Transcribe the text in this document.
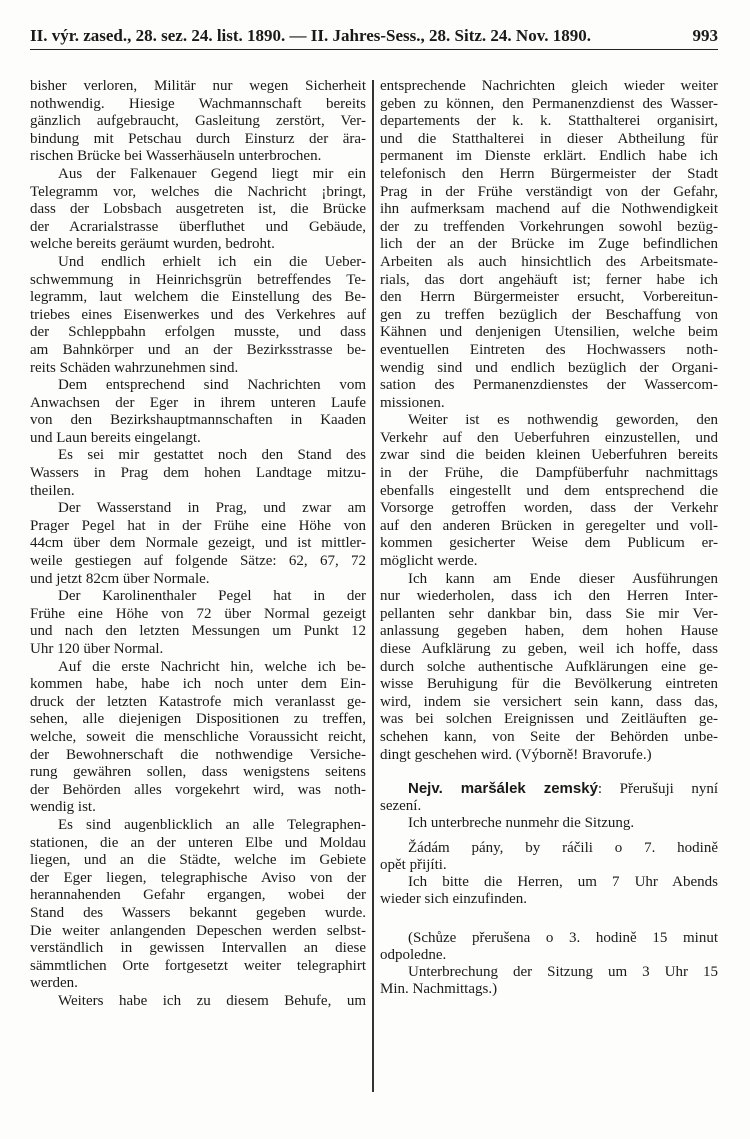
II. výr. zased., 28. sez. 24. list. 1890. — II. Jahres-Sess., 28. Sitz. 24. Nov. 1890.	993
bisher verloren, Militär nur wegen Sicherheit
nothwendig. Hiesige Wachmannschaft bereits
gänzlich aufgebraucht, Gasleitung zerstört, Ver-
bindung mit Petschau durch Einsturz der ära-
rischen Brücke bei Wasserhäuseln unterbrochen.
Aus der Falkenauer Gegend liegt mir ein
Telegramm vor, welches die Nachricht ¡bringt,
dass der Lobsbach ausgetreten ist, die Brücke
der Acrarialstrasse überfluthet und Gebäude,
welche bereits geräumt wurden, bedroht.
Und endlich erhielt ich ein die Ueber-
schwemmung in Heinrichsgrün betreffendes Te-
legramm, laut welchem die Einstellung des Be-
triebes eines Eisenwerkes und des Verkehres auf
der Schleppbahn erfolgen musste, und dass
am Bahnkörper und an der Bezirksstrasse be-
reits Schäden wahrzunehmen sind.
Dem entsprechend sind Nachrichten vom
Anwachsen der Eger in ihrem unteren Laufe
von den Bezirkshauptmannschaften in Kaaden
und Laun bereits eingelangt.
Es sei mir gestattet noch den Stand des
Wassers in Prag dem hohen Landtage mitzu-
theilen.
Der Wasserstand in Prag, und zwar am
Prager Pegel hat in der Frühe eine Höhe von
44cm über dem Normale gezeigt, und ist mittler-
weile gestiegen auf folgende Sätze: 62, 67, 72
und jetzt 82cm über Normale.
Der Karolinenthaler Pegel hat in der
Frühe eine Höhe von 72 über Normal gezeigt
und nach den letzten Messungen um Punkt 12
Uhr 120 über Normal.
Auf die erste Nachricht hin, welche ich be-
kommen habe, habe ich noch unter dem Ein-
druck der letzten Katastrofe mich veranlasst ge-
sehen, alle diejenigen Dispositionen zu treffen,
welche, soweit die menschliche Voraussicht reicht,
der Bewohnerschaft die nothwendige Versiche-
rung gewähren sollen, dass wenigstens seitens
der Behörden alles vorgekehrt wird, was noth-
wendig ist.
Es sind augenblicklich an alle Telegraphen-
stationen, die an der unteren Elbe und Moldau
liegen, und an die Städte, welche im Gebiete
der Eger liegen, telegraphische Aviso von der
herannahenden Gefahr ergangen, wobei der
Stand des Wassers bekannt gegeben wurde.
Die weiter anlangenden Depeschen werden selbst-
verständlich in gewissen Intervallen an diese
sämmtlichen Orte fortgesetzt weiter telegraphirt
werden.
Weiters habe ich zu diesem Behufe, um
entsprechende Nachrichten gleich wieder weiter
geben zu können, den Permanenzdienst des Wasser-
departements der k. k. Statthalterei organisirt,
und die Statthalterei in dieser Abtheilung für
permanent im Dienste erklärt. Endlich habe ich
telefonisch den Herrn Bürgermeister der Stadt
Prag in der Frühe verständigt von der Gefahr,
ihn aufmerksam machend auf die Nothwendigkeit
der zu treffenden Vorkehrungen sowohl bezüg-
lich der an der Brücke im Zuge befindlichen
Arbeiten als auch hinsichtlich des Arbeitsmate-
rials, das dort angehäuft ist; ferner habe ich
den Herrn Bürgermeister ersucht, Vorbereitun-
gen zu treffen bezüglich der Beschaffung von
Kähnen und denjenigen Utensilien, welche beim
eventuellen Eintreten des Hochwassers noth-
wendig sind und endlich bezüglich der Organi-
sation des Permanenzdienstes der Wassercom-
missionen.
Weiter ist es nothwendig geworden, den
Verkehr auf den Ueberfuhren einzustellen, und
zwar sind die beiden kleinen Ueberfuhren bereits
in der Frühe, die Dampfüberfuhr nachmittags
ebenfalls eingestellt und dem entsprechend die
Vorsorge getroffen worden, dass der Verkehr
auf den anderen Brücken in geregelter und voll-
kommen gesicherter Weise dem Publicum er-
möglicht werde.
Ich kann am Ende dieser Ausführungen
nur wiederholen, dass ich den Herren Inter-
pellanten sehr dankbar bin, dass Sie mir Ver-
anlassung gegeben haben, dem hohen Hause
diese Aufklärung zu geben, weil ich hoffe, dass
durch solche authentische Aufklärungen eine ge-
wisse Beruhigung für die Bevölkerung eintreten
wird, indem sie versichert sein kann, dass das,
was bei solchen Ereignissen und Zeitläuften ge-
schehen kann, von Seite der Behörden unbe-
dingt geschehen wird. (Výborně! Bravorufe.)
Nejv. maršálek zemský: Přerušuji nyní
sezení.
Ich unterbreche nunmehr die Sitzung.
Žádám pány, by ráčili o 7. hodině
opět přijíti.
Ich bitte die Herren, um 7 Uhr Abends
wieder sich einzufinden.
(Schůze přerušena o 3. hodině 15 minut
odpoledne.
Unterbrechung der Sitzung um 3 Uhr 15
Min. Nachmittags.)
